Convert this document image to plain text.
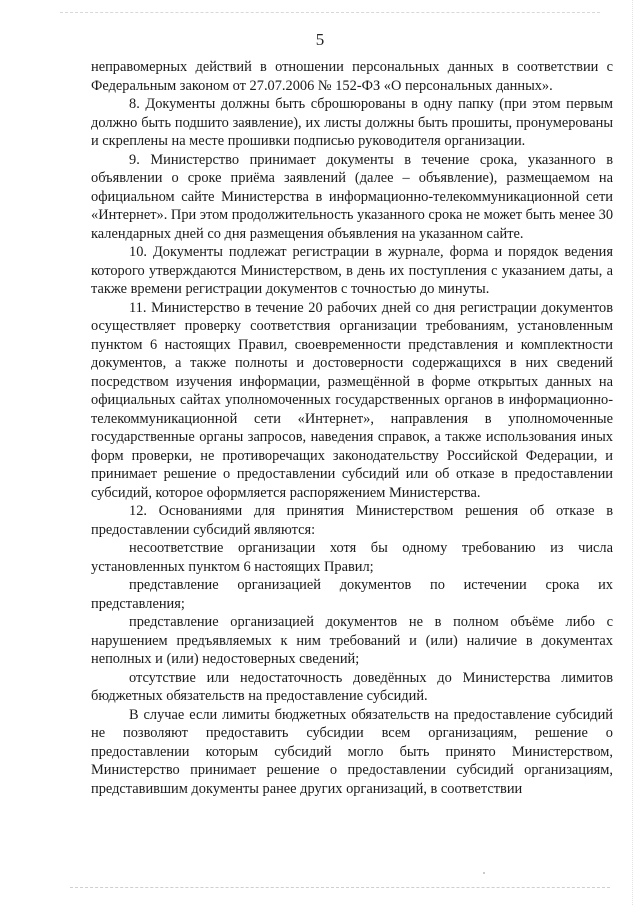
5

неправомерных действий в отношении персональных данных в соответствии с Федеральным законом от 27.07.2006 № 152-ФЗ «О персональных данных».

8. Документы должны быть сброшюрованы в одну папку (при этом первым должно быть подшито заявление), их листы должны быть прошиты, пронумерованы и скреплены на месте прошивки подписью руководителя организации.

9. Министерство принимает документы в течение срока, указанного в объявлении о сроке приёма заявлений (далее – объявление), размещаемом на официальном сайте Министерства в информационно-телекоммуникационной сети «Интернет». При этом продолжительность указанного срока не может быть менее 30 календарных дней со дня размещения объявления на указанном сайте.

10. Документы подлежат регистрации в журнале, форма и порядок ведения которого утверждаются Министерством, в день их поступления с указанием даты, а также времени регистрации документов с точностью до минуты.

11. Министерство в течение 20 рабочих дней со дня регистрации документов осуществляет проверку соответствия организации требованиям, установленным пунктом 6 настоящих Правил, своевременности представления и комплектности документов, а также полноты и достоверности содержащихся в них сведений посредством изучения информации, размещённой в форме открытых данных на официальных сайтах уполномоченных государственных органов в информационно-телекоммуникационной сети «Интернет», направления в уполномоченные государственные органы запросов, наведения справок, а также использования иных форм проверки, не противоречащих законодательству Российской Федерации, и принимает решение о предоставлении субсидий или об отказе в предоставлении субсидий, которое оформляется распоряжением Министерства.

12. Основаниями для принятия Министерством решения об отказе в предоставлении субсидий являются:

несоответствие организации хотя бы одному требованию из числа установленных пунктом 6 настоящих Правил;

представление организацией документов по истечении срока их представления;

представление организацией документов не в полном объёме либо с нарушением предъявляемых к ним требований и (или) наличие в документах неполных и (или) недостоверных сведений;

отсутствие или недостаточность доведённых до Министерства лимитов бюджетных обязательств на предоставление субсидий.

В случае если лимиты бюджетных обязательств на предоставление субсидий не позволяют предоставить субсидии всем организациям, решение о предоставлении которым субсидий могло быть принято Министерством, Министерство принимает решение о предоставлении субсидий организациям, представившим документы ранее других организаций, в соответствии
